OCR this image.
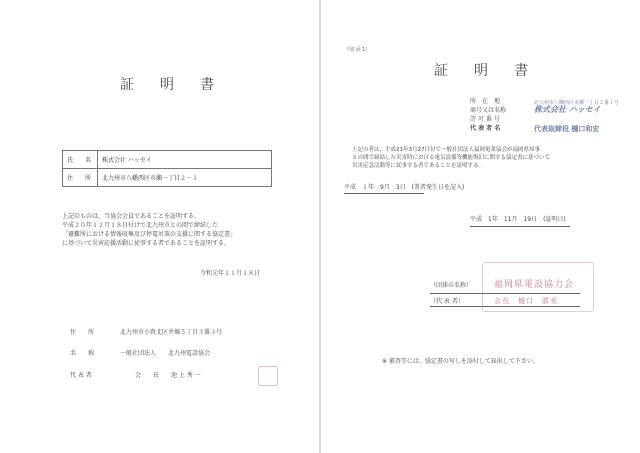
証　明　書
氏　　名	株式会社 ハッセイ
住　　所	北九州市八幡西区市瀬一丁目２－１
上記のものは、当協会会員であることを証明する。
平成２０年１２月１８日付けで北九州市との間で締結した
「避難所における情報収集及び停電対策の支援に関する協定書」
に基づいて災害応援活動に従事する者であることを証明する。
令和元年１１月１８日
住　　所	北九州市小倉北区井堀５丁目３番３号
名　　称	一般社団法人　　北九州電設協会
代 表 者	会　　長　　池 上 秀 一
（別 添 1）
証　明　書
所　在　地	北九州市八幡西区市瀬一丁目２番１号
商号又は名称	株式会社 ハッセイ
許 可 番 号
代 表 者 名	代表取締役 樋口和宏
上記の者は、平成21年3月27日付で一般社団法人福岡電業協会が福岡県知事
との間で締結した災害時における電気設備等機能復旧に関する協定書に基づいて
災害応急活動等に従事する者であることを証明する。
平成　１年　9月　3日　(署者発生日を記入)
平成　1年　11月　19日　(証明日)
（団体の名称） 福岡県電設協力会
（代 表 者）	会長　樋口　勝美
※ 審査等には、協定書の写しを添付して届出して下さい。
